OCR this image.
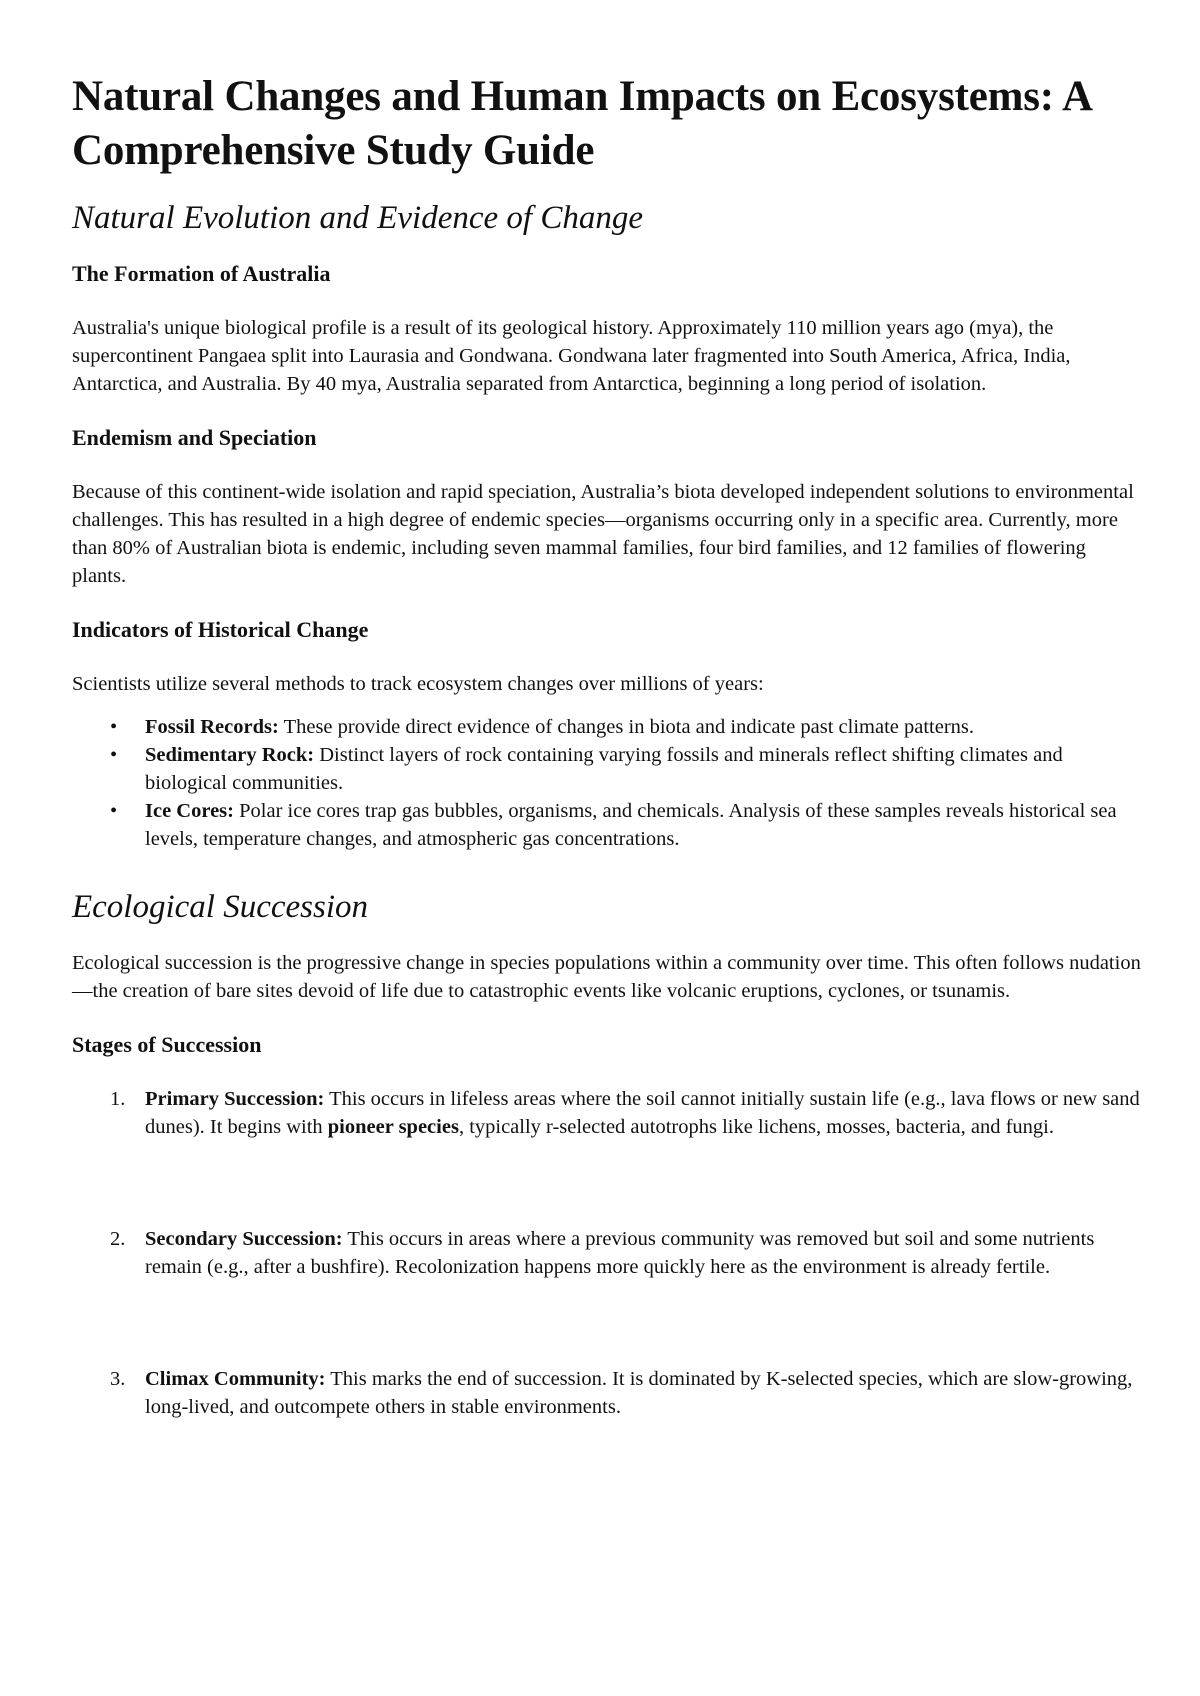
Natural Changes and Human Impacts on Ecosystems: A Comprehensive Study Guide
Natural Evolution and Evidence of Change
The Formation of Australia

Australia's unique biological profile is a result of its geological history. Approximately 110 million years ago (mya), the supercontinent Pangaea split into Laurasia and Gondwana. Gondwana later fragmented into South America, Africa, India, Antarctica, and Australia. By 40 mya, Australia separated from Antarctica, beginning a long period of isolation.

Endemism and Speciation

Because of this continent-wide isolation and rapid speciation, Australia’s biota developed independent solutions to environmental challenges. This has resulted in a high degree of endemic species—organisms occurring only in a specific area. Currently, more than 80% of Australian biota is endemic, including seven mammal families, four bird families, and 12 families of flowering plants.

Indicators of Historical Change

Scientists utilize several methods to track ecosystem changes over millions of years:

• Fossil Records: These provide direct evidence of changes in biota and indicate past climate patterns.
• Sedimentary Rock: Distinct layers of rock containing varying fossils and minerals reflect shifting climates and biological communities.
• Ice Cores: Polar ice cores trap gas bubbles, organisms, and chemicals. Analysis of these samples reveals historical sea levels, temperature changes, and atmospheric gas concentrations.
Ecological Succession

Ecological succession is the progressive change in species populations within a community over time. This often follows nudation—the creation of bare sites devoid of life due to catastrophic events like volcanic eruptions, cyclones, or tsunamis.

Stages of Succession
1. Primary Succession: This occurs in lifeless areas where the soil cannot initially sustain life (e.g., lava flows or new sand dunes). It begins with pioneer species, typically r-selected autotrophs like lichens, mosses, bacteria, and fungi.
2. Secondary Succession: This occurs in areas where a previous community was removed but soil and some nutrients remain (e.g., after a bushfire). Recolonization happens more quickly here as the environment is already fertile.
3. Climax Community: This marks the end of succession. It is dominated by K-selected species, which are slow-growing, long-lived, and outcompete others in stable environments.
